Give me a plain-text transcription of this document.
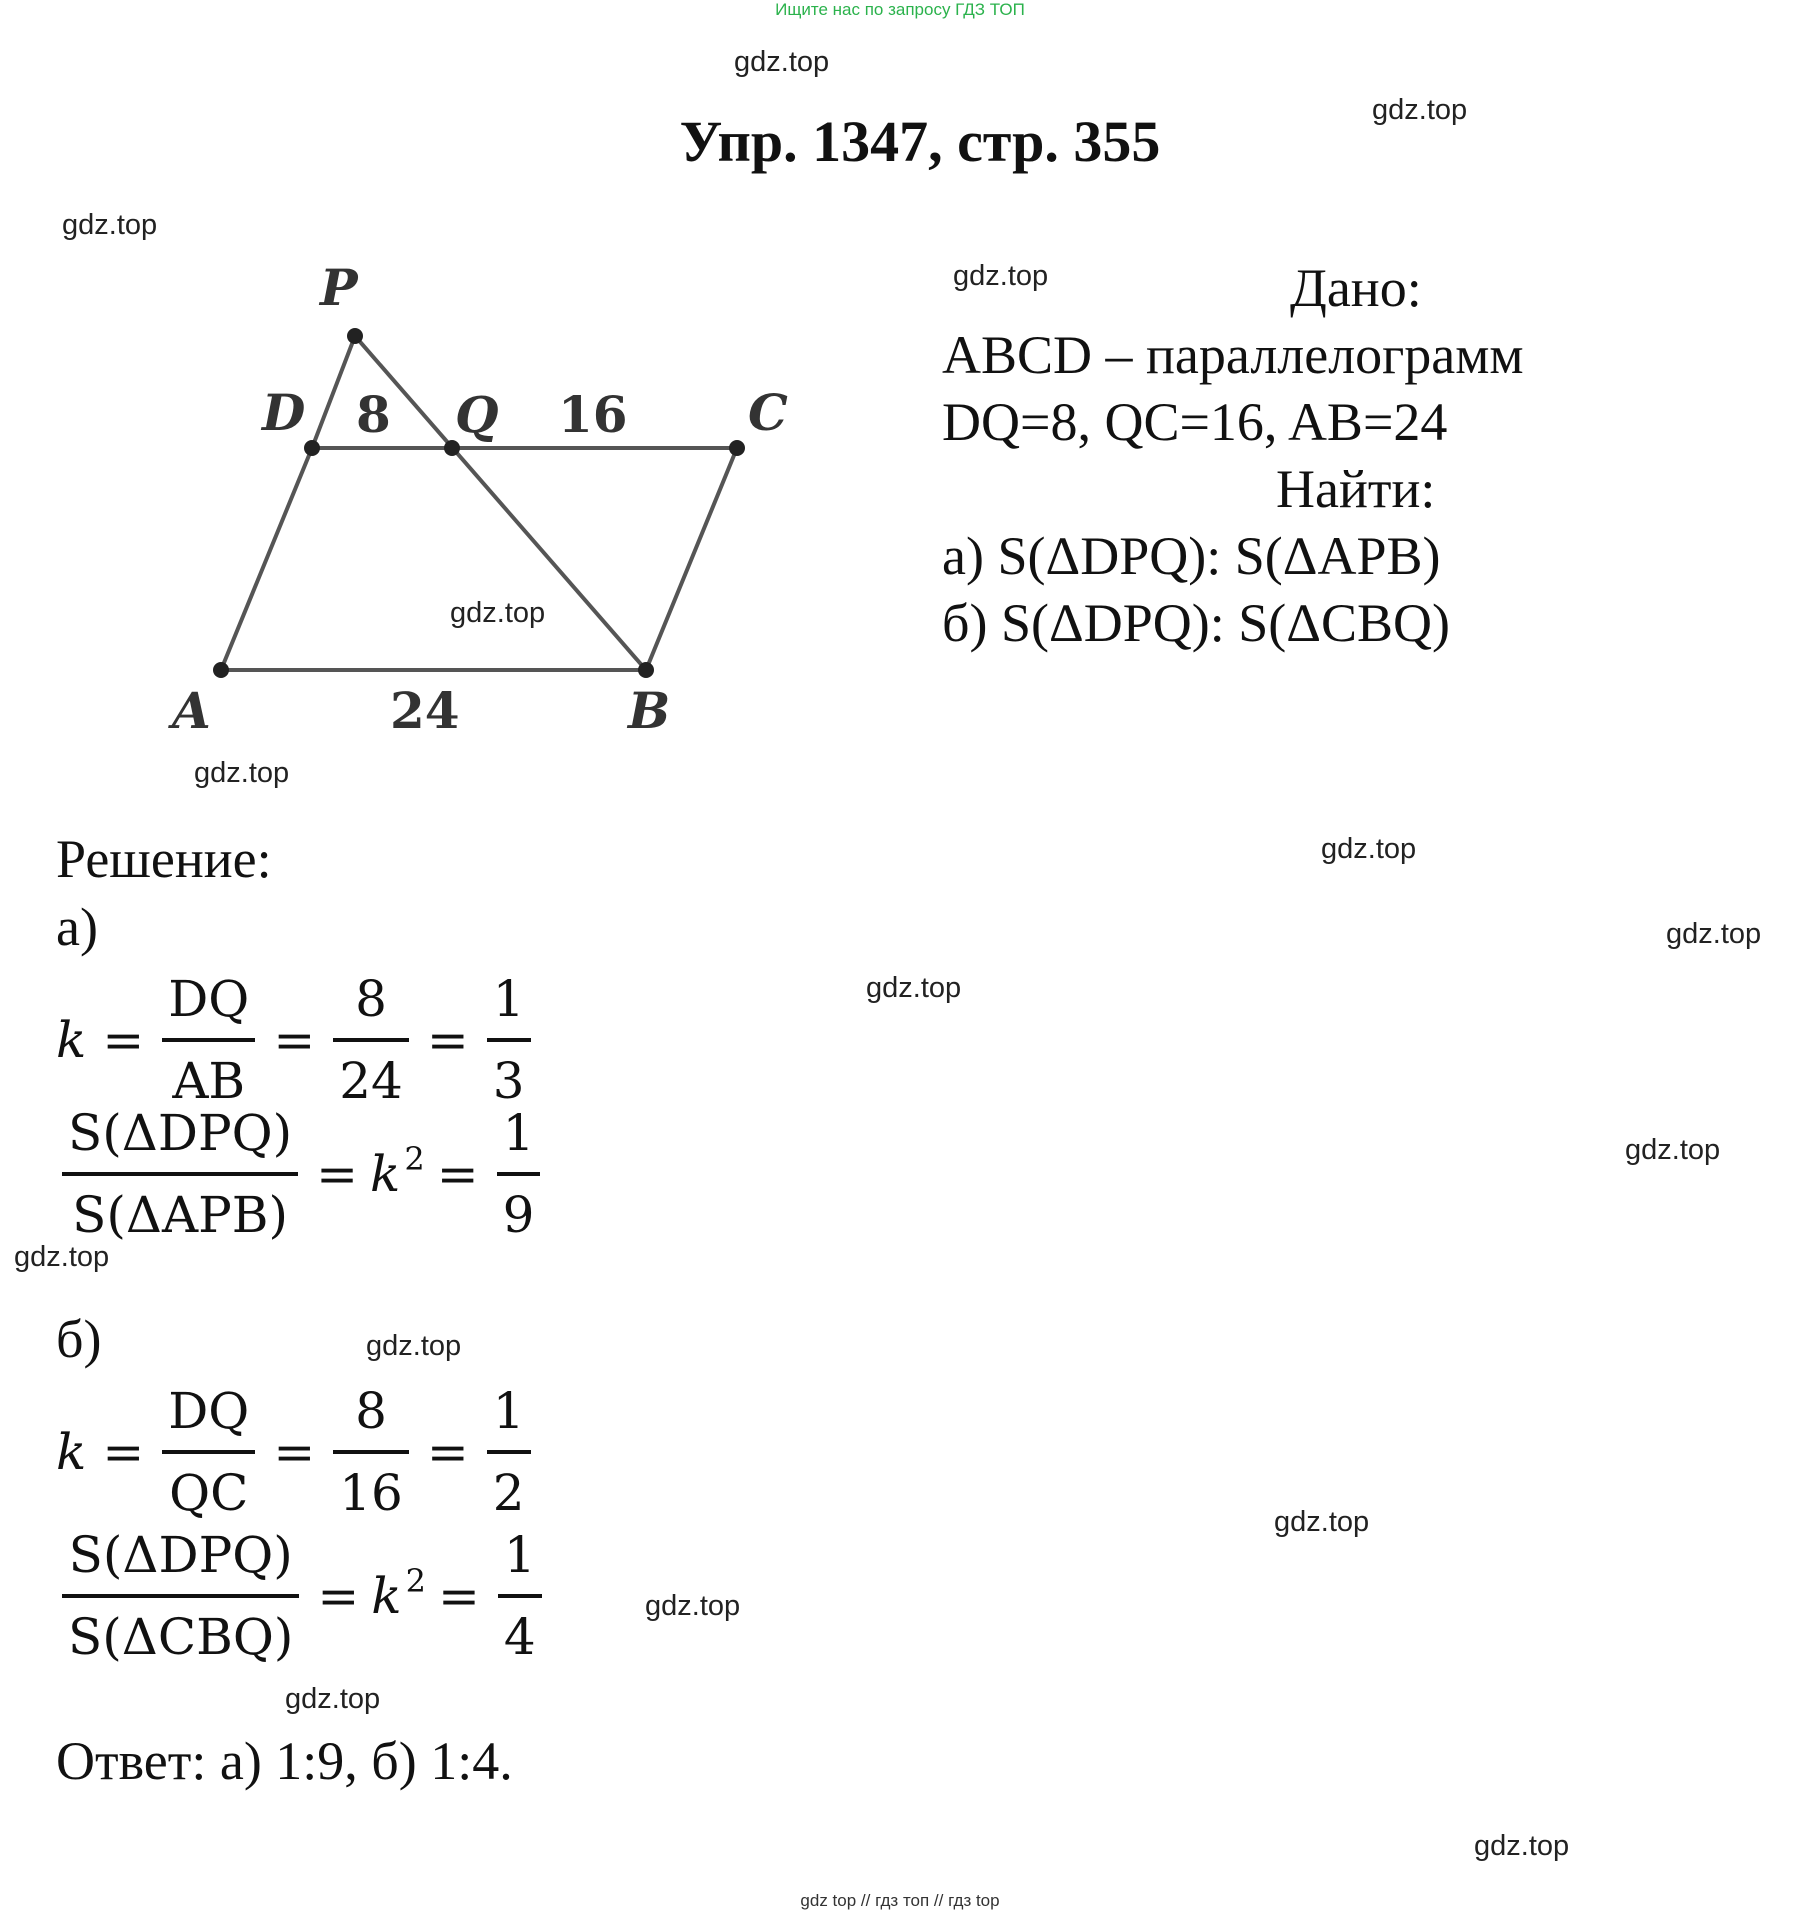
Ищите нас по запросу ГДЗ ТОП
Упр. 1347, стр. 355
gdz.top
gdz.top
gdz.top
gdz.top
gdz.top
gdz.top
gdz.top
gdz.top
gdz.top
gdz.top
gdz.top
gdz.top
gdz.top
gdz.top
gdz.top
gdz.top
P
D 8 Q 16 C
A	24	B
Дано:
ABCD – параллелограмм
DQ=8, QC=16, AB=24
Найти:
а) S(ΔDPQ): S(ΔAPB)
б) S(ΔDPQ): S(ΔCBQ)
Решение:
а)
$k = \frac{DQ}{AB} = \frac{8}{24} = \frac{1}{3}$
$\frac{\text{S(ΔDPQ)}}{\text{S(ΔAPB)}} = k^2 = \frac{1}{9}$
б)
$k = \frac{DQ}{QC} = \frac{8}{16} = \frac{1}{2}$
$\frac{\text{S(ΔDPQ)}}{\text{S(ΔCBQ)}} = k^2 = \frac{1}{4}$
Ответ: а) 1:9, б) 1:4.
gdz top // гдз топ // гдз top
